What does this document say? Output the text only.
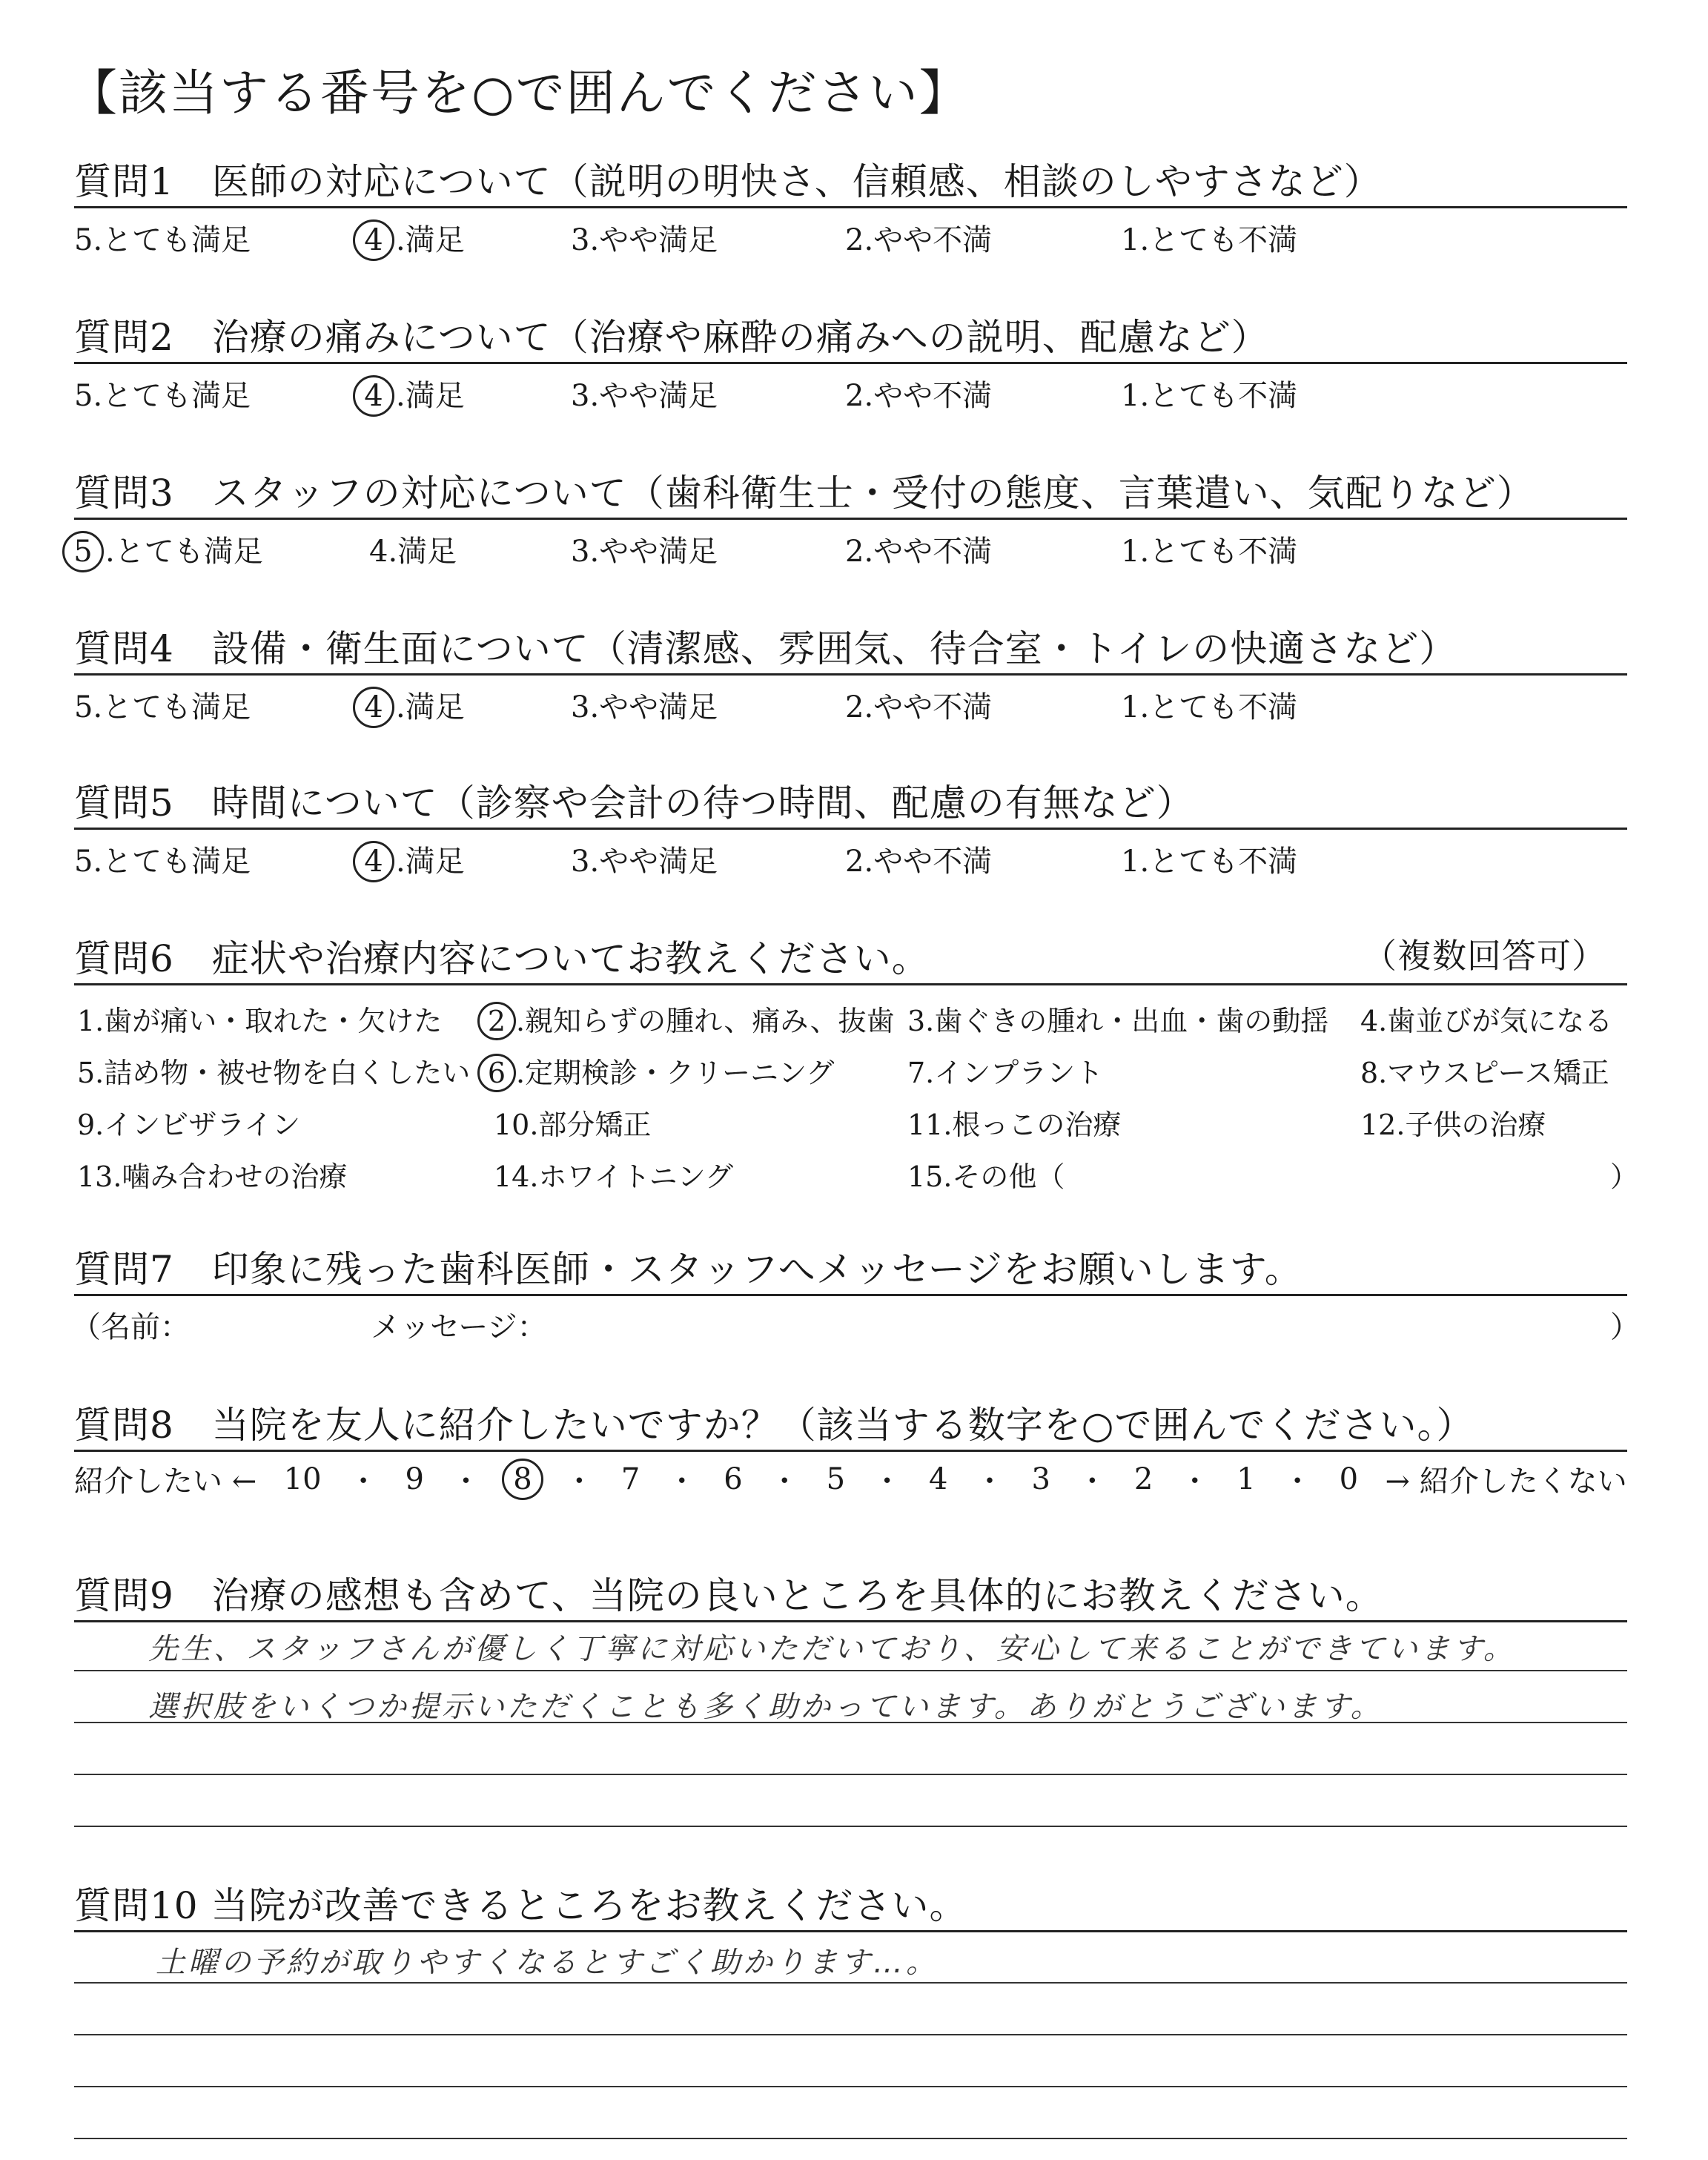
【該当する番号を○で囲んでください】
質問1　医師の対応について（説明の明快さ、信頼感、相談のしやすさなど）
5.とても満足	4 .満足	3.やや満足	2.やや不満	1.とても不満
質問2　治療の痛みについて（治療や麻酔の痛みへの説明、配慮など）
5.とても満足	4 .満足	3.やや満足	2.やや不満	1.とても不満
質問3　スタッフの対応について（歯科衛生士・受付の態度、言葉遣い、気配りなど）
5 .とても満足	4.満足	3.やや満足	2.やや不満	1.とても不満
質問4　設備・衛生面について（清潔感、雰囲気、待合室・トイレの快適さなど）
5.とても満足	4 .満足	3.やや満足	2.やや不満	1.とても不満
質問5　時間について（診察や会計の待つ時間、配慮の有無など）
5.とても満足	4 .満足	3.やや満足	2.やや不満	1.とても不満
質問6　症状や治療内容についてお教えください。	（複数回答可）
1.歯が痛い・取れた・欠けた 2 .親知らずの腫れ、痛み、抜歯 3.歯ぐきの腫れ・出血・歯の動揺 4.歯並びが気になる
5.詰め物・被せ物を白くしたい 6 .定期検診・クリーニング	7.インプラント	8.マウスピース矯正
9.インビザライン	10.部分矯正	11.根っこの治療	12.子供の治療
13.噛み合わせの治療	14.ホワイトニング	15.その他（	）
質問7　印象に残った歯科医師・スタッフへメッセージをお願いします。
（名前：	メッセージ：	）
質問8　当院を友人に紹介したいですか？（該当する数字を○で囲んでください。）
紹介したい ← 10 ・ 9 ・	8	・ 7 ・ 6 ・ 5 ・ 4 ・ 3 ・ 2 ・ 1 ・ 0 → 紹介したくない
質問9　治療の感想も含めて、当院の良いところを具体的にお教えください。
先生、スタッフさんが優しく丁寧に対応いただいており、安心して来ることができています。
選択肢をいくつか提示いただくことも多く助かっています。ありがとうございます。
質問10 当院が改善できるところをお教えください。
土曜の予約が取りやすくなるとすごく助かります…。
